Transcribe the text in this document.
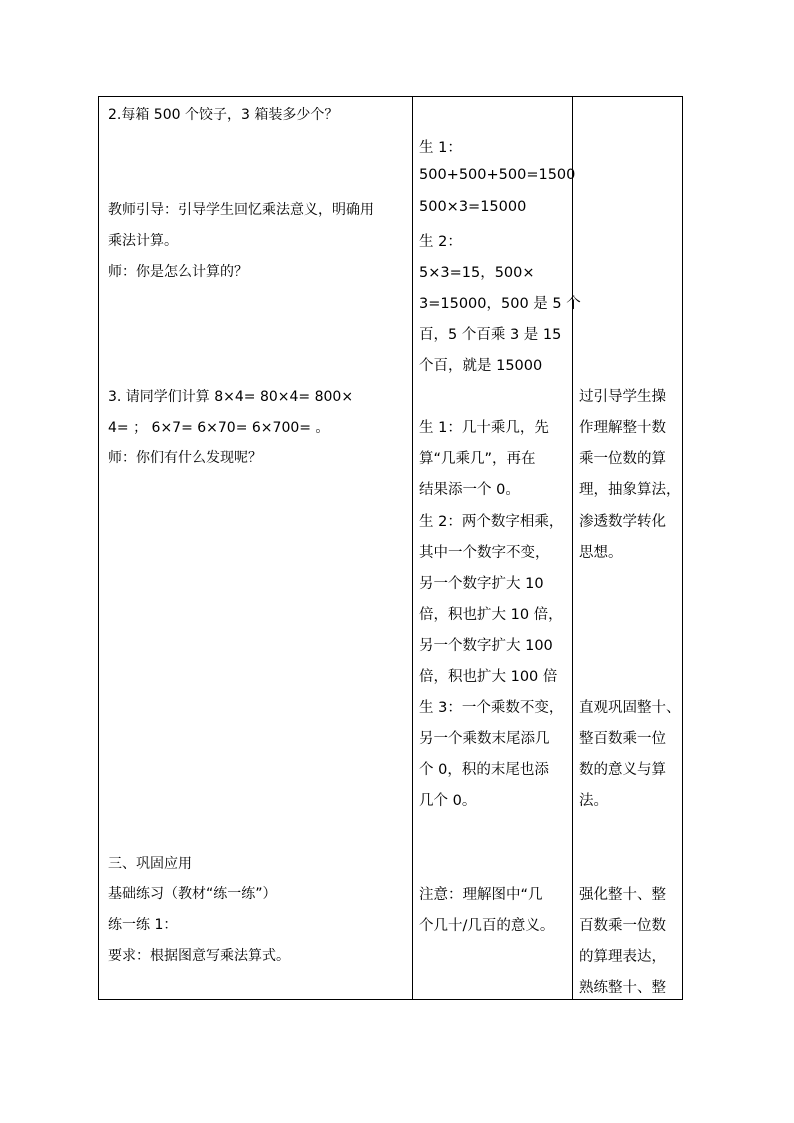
2.每箱 500 个饺子，3 箱装多少个？
教师引导：引导学生回忆乘法意义，明确用
乘法计算。
师：你是怎么计算的？
3. 请同学们计算 8×4= 80×4= 800×
4= ； 6×7= 6×70= 6×700= 。
师：你们有什么发现呢？
三、巩固应用
基础练习（教材“练一练”）
练一练 1：
要求：根据图意写乘法算式。
生 1：
500+500+500=1500
500×3=15000
生 2：
5×3=15，500×
3=15000，500 是 5 个
百，5 个百乘 3 是 15
个百，就是 15000
生 1：几十乘几，先
算“几乘几”，再在
结果添一个 0。
生 2：两个数字相乘，
其中一个数字不变，
另一个数字扩大 10
倍，积也扩大 10 倍，
另一个数字扩大 100
倍，积也扩大 100 倍
生 3：一个乘数不变，
另一个乘数末尾添几
个 0，积的末尾也添
几个 0。
注意：理解图中“几
个几十/几百的意义。
过引导学生操
作理解整十数
乘一位数的算
理，抽象算法，
渗透数学转化
思想。
直观巩固整十、
整百数乘一位
数的意义与算
法。
强化整十、整
百数乘一位数
的算理表达，
熟练整十、整
